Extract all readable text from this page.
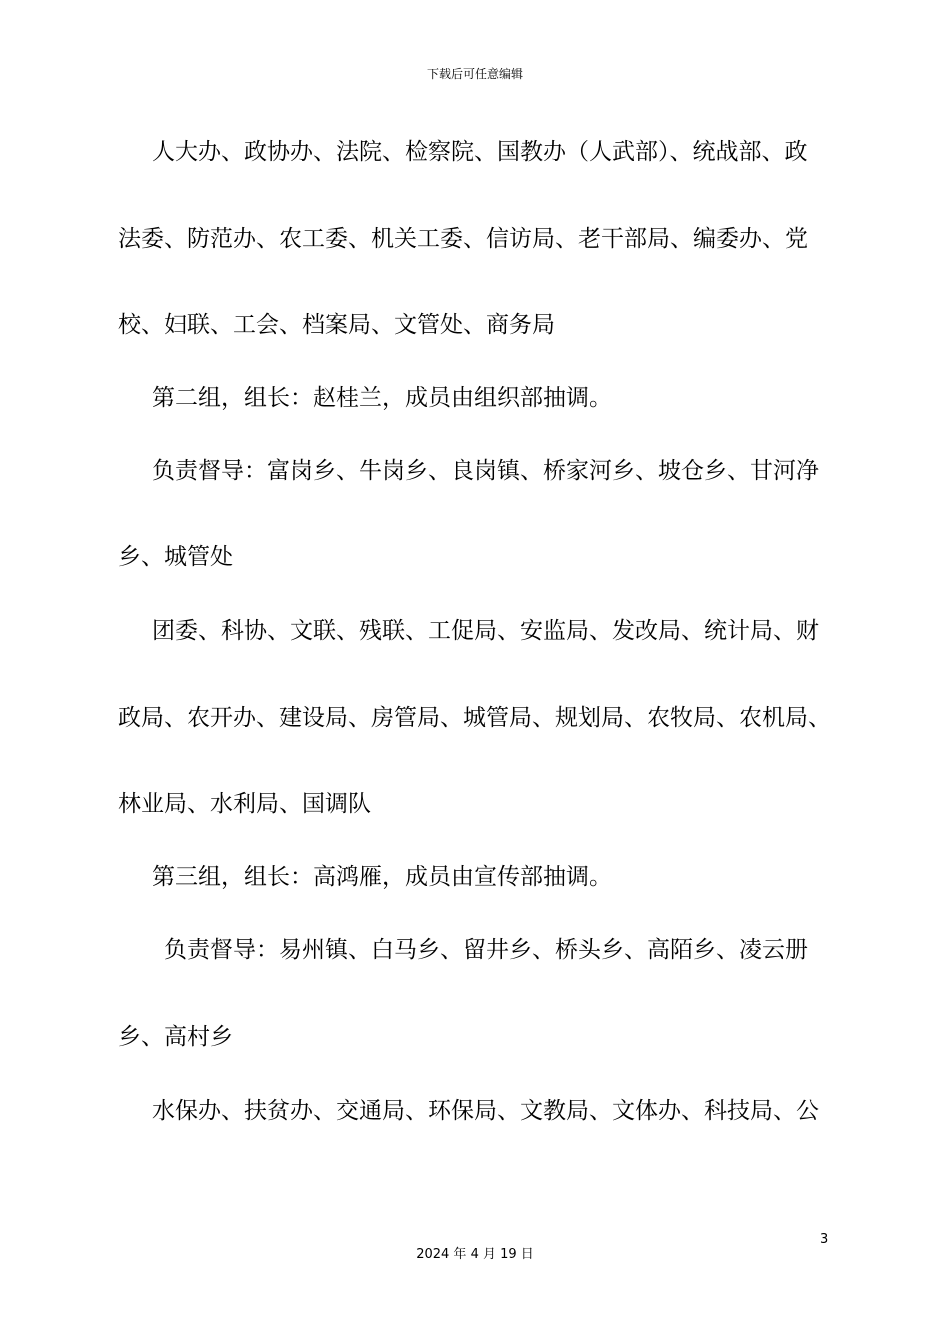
下载后可任意编辑
人大办、政协办、法院、检察院、国教办（人武部）、统战部、政
法委、防范办、农工委、机关工委、信访局、老干部局、编委办、党
校、妇联、工会、档案局、文管处、商务局
第二组，组长：赵桂兰，成员由组织部抽调。
负责督导：富岗乡、牛岗乡、良岗镇、桥家河乡、坡仓乡、甘河净
乡、城管处
团委、科协、文联、残联、工促局、安监局、发改局、统计局、财
政局、农开办、建设局、房管局、城管局、规划局、农牧局、农机局、
林业局、水利局、国调队
第三组，组长：高鸿雁，成员由宣传部抽调。
负责督导：易州镇、白马乡、留井乡、桥头乡、高陌乡、凌云册
乡、高村乡
水保办、扶贫办、交通局、环保局、文教局、文体办、科技局、公
3
2024 年 4 月 19 日
